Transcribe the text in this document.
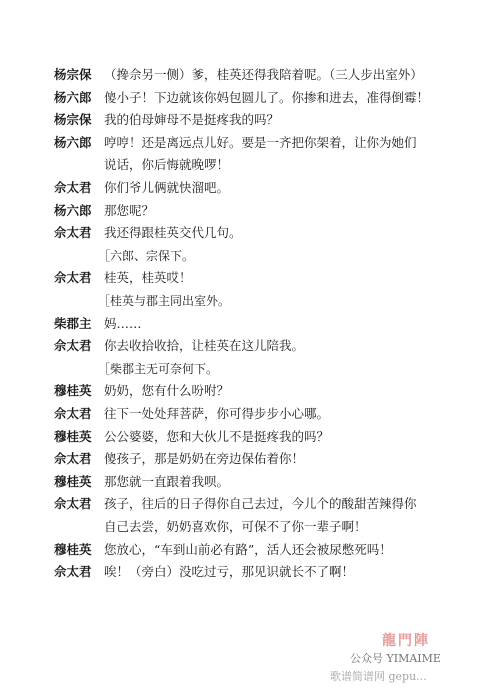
杨宗保 （搀佘另一侧）爹，桂英还得我陪着呢。（三人步出室外）
杨六郎 傻小子！下边就该你妈包圆儿了。你掺和进去，准得倒霉！
杨宗保 我的伯母婶母不是挺疼我的吗？
杨六郎 哼哼！还是离远点儿好。要是一齐把你架着，让你为她们
说话，你后悔就晚啰！
佘太君 你们爷儿俩就快溜吧。
杨六郎 那您呢？
佘太君 我还得跟桂英交代几句。
［六郎、宗保下。
佘太君 桂英，桂英哎！
［桂英与郡主同出室外。
柴郡主 妈……
佘太君 你去收拾收拾，让桂英在这儿陪我。
［柴郡主无可奈何下。
穆桂英 奶奶，您有什么吩咐？
佘太君 往下一处处拜菩萨，你可得步步小心哪。
穆桂英 公公婆婆，您和大伙儿不是挺疼我的吗？
佘太君 傻孩子，那是奶奶在旁边保佑着你！
穆桂英 那您就一直跟着我呗。
佘太君 孩子，往后的日子得你自己去过，今儿个的酸甜苦辣得你
自己去尝，奶奶喜欢你，可保不了你一辈子啊！
穆桂英 您放心，“车到山前必有路”，活人还会被尿憋死吗！
佘太君 唉！（旁白）没吃过亏，那见识就长不了啊！
龍門陣
公众号 YIMAIME
歌谱简谱网 gepu...
